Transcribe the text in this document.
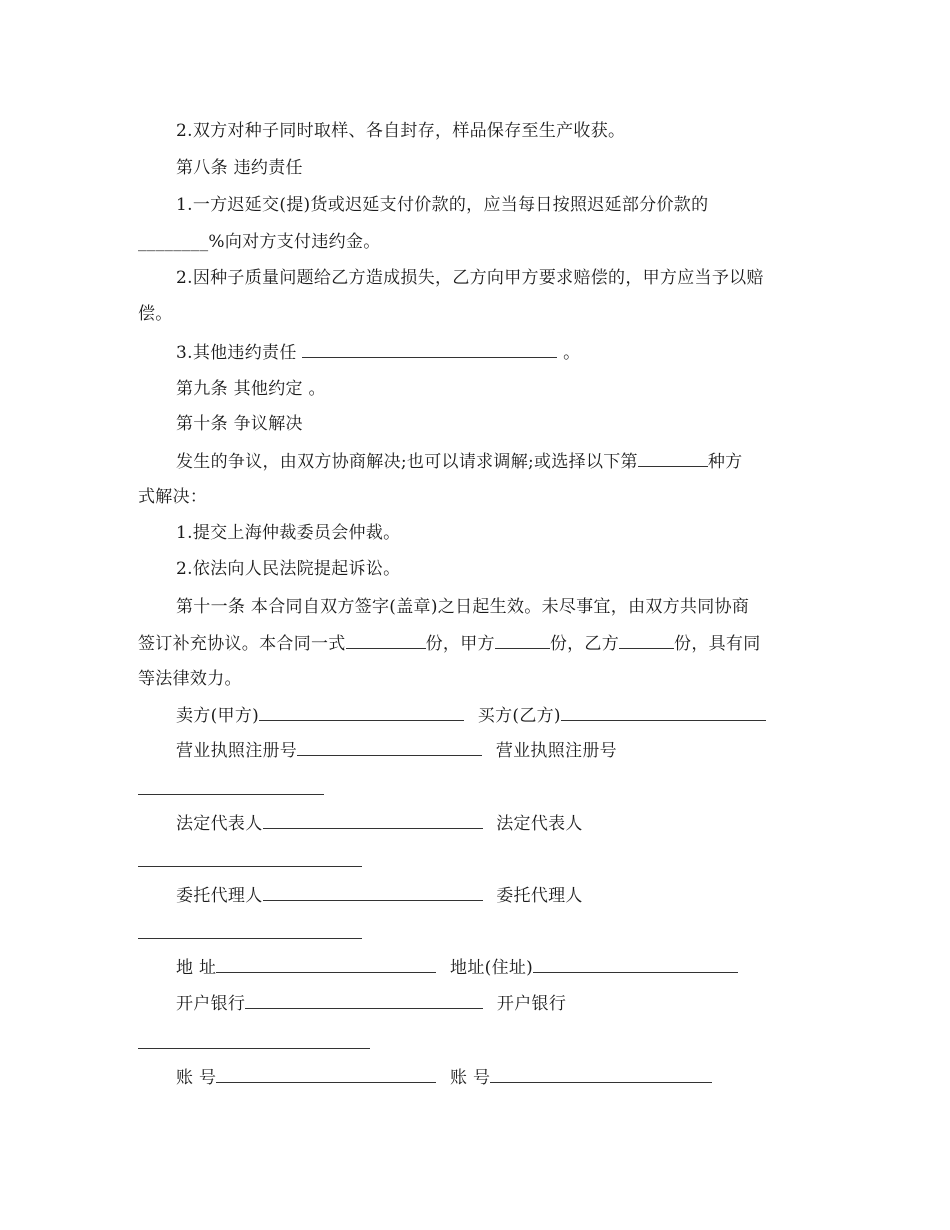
2.双方对种子同时取样、各自封存，样品保存至生产收获。
第八条 违约责任
1.一方迟延交(提)货或迟延支付价款的，应当每日按照迟延部分价款的
________%向对方支付违约金。
2.因种子质量问题给乙方造成损失，乙方向甲方要求赔偿的，甲方应当予以赔
偿。
3.其他违约责任	。
第九条 其他约定 。
第十条 争议解决
发生的争议，由双方协商解决;也可以请求调解;或选择以下第	种方
式解决：
1.提交上海仲裁委员会仲裁。
2.依法向人民法院提起诉讼。
第十一条 本合同自双方签字(盖章)之日起生效。未尽事宜，由双方共同协商
签订补充协议。本合同一式	份，甲方	份，乙方	份，具有同
等法律效力。
卖方(甲方)	买方(乙方)
营业执照注册号	营业执照注册号
法定代表人	法定代表人
委托代理人	委托代理人
地 址	地址(住址)
开户银行	开户银行
账 号	账 号
